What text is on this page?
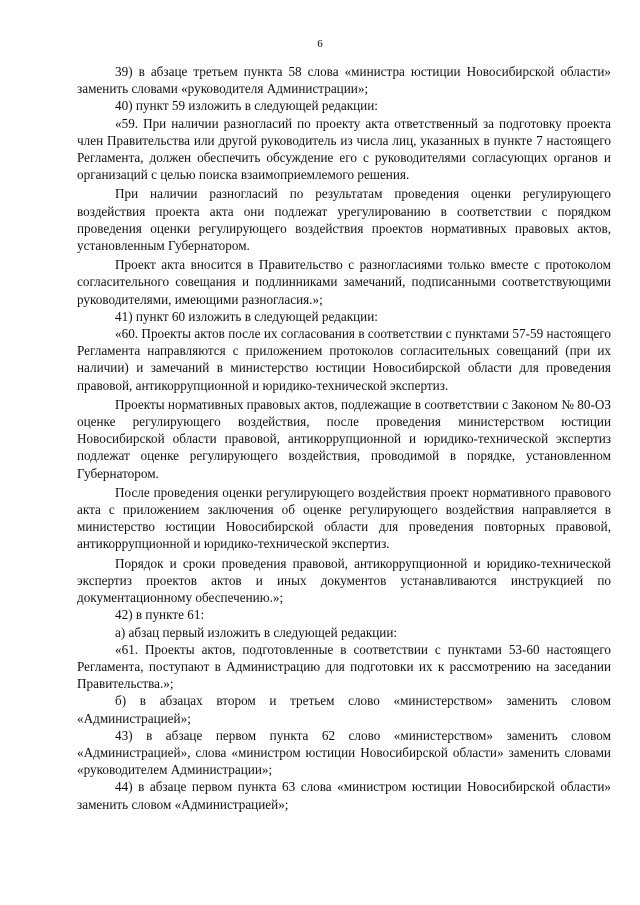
6

39) в абзаце третьем пункта 58 слова «министра юстиции Новосибирской области» заменить словами «руководителя Администрации»;

40) пункт 59 изложить в следующей редакции:

«59. При наличии разногласий по проекту акта ответственный за подготовку проекта член Правительства или другой руководитель из числа лиц, указанных в пункте 7 настоящего Регламента, должен обеспечить обсуждение его с руководителями согласующих органов и организаций с целью поиска взаимоприемлемого решения.

При наличии разногласий по результатам проведения оценки регулирующего воздействия проекта акта они подлежат урегулированию в соответствии с порядком проведения оценки регулирующего воздействия проектов нормативных правовых актов, установленным Губернатором.

Проект акта вносится в Правительство с разногласиями только вместе с протоколом согласительного совещания и подлинниками замечаний, подписанными соответствующими руководителями, имеющими разногласия.»;

41) пункт 60 изложить в следующей редакции:

«60. Проекты актов после их согласования в соответствии с пунктами 57-59 настоящего Регламента направляются с приложением протоколов согласительных совещаний (при их наличии) и замечаний в министерство юстиции Новосибирской области для проведения правовой, антикоррупционной и юридико-технической экспертиз.

Проекты нормативных правовых актов, подлежащие в соответствии с Законом № 80-ОЗ оценке регулирующего воздействия, после проведения министерством юстиции Новосибирской области правовой, антикоррупционной и юридико-технической экспертиз подлежат оценке регулирующего воздействия, проводимой в порядке, установленном Губернатором.

После проведения оценки регулирующего воздействия проект нормативного правового акта с приложением заключения об оценке регулирующего воздействия направляется в министерство юстиции Новосибирской области для проведения повторных правовой, антикоррупционной и юридико-технической экспертиз.

Порядок и сроки проведения правовой, антикоррупционной и юридико-технической экспертиз проектов актов и иных документов устанавливаются инструкцией по документационному обеспечению.»;

42) в пункте 61:

а) абзац первый изложить в следующей редакции:

«61. Проекты актов, подготовленные в соответствии с пунктами 53-60 настоящего Регламента, поступают в Администрацию для подготовки их к рассмотрению на заседании Правительства.»;

б) в абзацах втором и третьем слово «министерством» заменить словом «Администрацией»;

43) в абзаце первом пункта 62 слово «министерством» заменить словом «Администрацией», слова «министром юстиции Новосибирской области» заменить словами «руководителем Администрации»;

44) в абзаце первом пункта 63 слова «министром юстиции Новосибирской области» заменить словом «Администрацией»;
